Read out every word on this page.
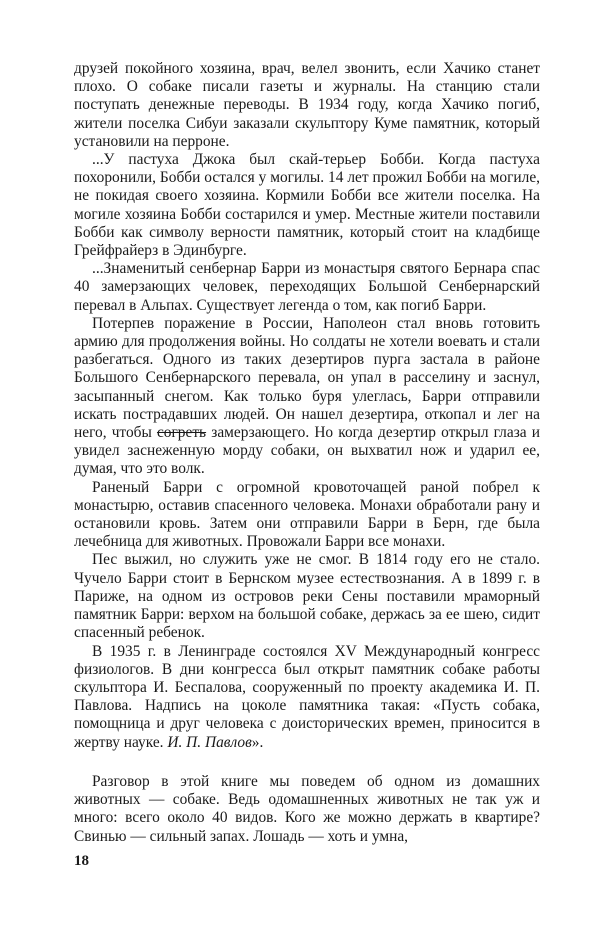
друзей покойного хозяина, врач, велел звонить, если Хачико станет плохо. О собаке писали газеты и журналы. На станцию стали поступать денежные переводы. В 1934 году, когда Хачико погиб, жители поселка Сибуи заказали скульптору Куме памятник, который установили на перроне.

...У пастуха Джока был скай-терьер Бобби. Когда пастуха похоронили, Бобби остался у могилы. 14 лет прожил Бобби на могиле, не покидая своего хозяина. Кормили Бобби все жители поселка. На могиле хозяина Бобби состарился и умер. Местные жители поставили Бобби как символу верности памятник, который стоит на кладбище Грейфрайерз в Эдинбурге.

...Знаменитый сенбернар Барри из монастыря святого Бернара спас 40 замерзающих человек, переходящих Большой Сенбернарский перевал в Альпах. Существует легенда о том, как погиб Барри.

Потерпев поражение в России, Наполеон стал вновь готовить армию для продолжения войны. Но солдаты не хотели воевать и стали разбегаться. Одного из таких дезертиров пурга застала в районе Большого Сенбернарского перевала, он упал в расселину и заснул, засыпанный снегом. Как только буря улеглась, Барри отправили искать пострадавших людей. Он нашел дезертира, откопал и лег на него, чтобы согреть замерзающего. Но когда дезертир открыл глаза и увидел заснеженную морду собаки, он выхватил нож и ударил ее, думая, что это волк.

Раненый Барри с огромной кровоточащей раной побрел к монастырю, оставив спасенного человека. Монахи обработали рану и остановили кровь. Затем они отправили Барри в Берн, где была лечебница для животных. Провожали Барри все монахи.

Пес выжил, но служить уже не смог. В 1814 году его не стало. Чучело Барри стоит в Бернском музее естествознания. А в 1899 г. в Париже, на одном из островов реки Сены поставили мраморный памятник Барри: верхом на большой собаке, держась за ее шею, сидит спасенный ребенок.

В 1935 г. в Ленинграде состоялся XV Международный конгресс физиологов. В дни конгресса был открыт памятник собаке работы скульптора И. Беспалова, сооруженный по проекту академика И. П. Павлова. Надпись на цоколе памятника такая: «Пусть собака, помощница и друг человека с доисторических времен, приносится в жертву науке. И. П. Павлов».

Разговор в этой книге мы поведем об одном из домашних животных — собаке. Ведь одомашненных животных не так уж и много: всего около 40 видов. Кого же можно держать в квартире? Свинью — сильный запах. Лошадь — хоть и умна,

18
